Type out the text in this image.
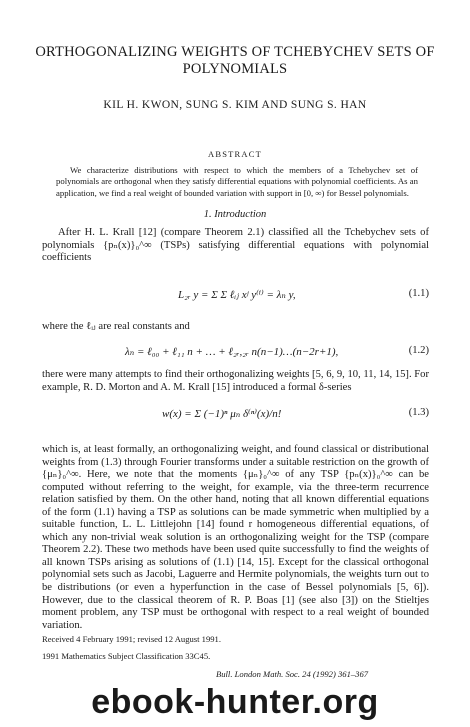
ORTHOGONALIZING WEIGHTS OF TCHEBYCHEV SETS OF POLYNOMIALS
KIL H. KWON, SUNG S. KIM AND SUNG S. HAN
ABSTRACT
We characterize distributions with respect to which the members of a Tchebychev set of polynomials are orthogonal when they satisfy differential equations with polynomial coefficients. As an application, we find a real weight of bounded variation with support in [0, ∞) for Bessel polynomials.
1. Introduction
After H. L. Krall [12] (compare Theorem 2.1) classified all the Tchebychev sets of polynomials {pₙ(x)}₀^∞ (TSPs) satisfying differential equations with polynomial coefficients
L₂ᵣ y = Σ Σ ℓᵢⱼ xʲ y⁽ⁱ⁾ = λₙ y,	(1.1)
where the ℓᵢⱼ are real constants and
λₙ = ℓ₀₀ + ℓ₁₁ n + … + ℓ₂ᵣ,₂ᵣ n(n−1)…(n−2r+1),	(1.2)
there were many attempts to find their orthogonalizing weights [5, 6, 9, 10, 11, 14, 15]. For example, R. D. Morton and A. M. Krall [15] introduced a formal δ-series
w(x) = Σ (−1)ⁿ μₙ δ⁽ⁿ⁾(x)/n!	(1.3)
which is, at least formally, an orthogonalizing weight, and found classical or distributional weights from (1.3) through Fourier transforms under a suitable restriction on the growth of {μₙ}₀^∞. Here, we note that the moments {μₙ}₀^∞ of any TSP {pₙ(x)}₀^∞ can be computed without referring to the weight, for example, via the three-term recurrence relation satisfied by them. On the other hand, noting that all known differential equations of the form (1.1) having a TSP as solutions can be made symmetric when multiplied by a suitable function, L. L. Littlejohn [14] found r homogeneous differential equations, of which any non-trivial weak solution is an orthogonalizing weight for the TSP (compare Theorem 2.2). These two methods have been used quite successfully to find the weights of all known TSPs arising as solutions of (1.1) [14, 15]. Except for the classical orthogonal polynomial sets such as Jacobi, Laguerre and Hermite polynomials, the weights turn out to be distributions (or even a hyperfunction in the case of Bessel polynomials [5, 6]). However, due to the classical theorem of R. P. Boas [1] (see also [3]) on the Stieltjes moment problem, any TSP must be orthogonal with respect to a real weight of bounded variation.
Received 4 February 1991; revised 12 August 1991.
1991 Mathematics Subject Classification 33C45.
Bull. London Math. Soc. 24 (1992) 361–367
ebook-hunter.org
